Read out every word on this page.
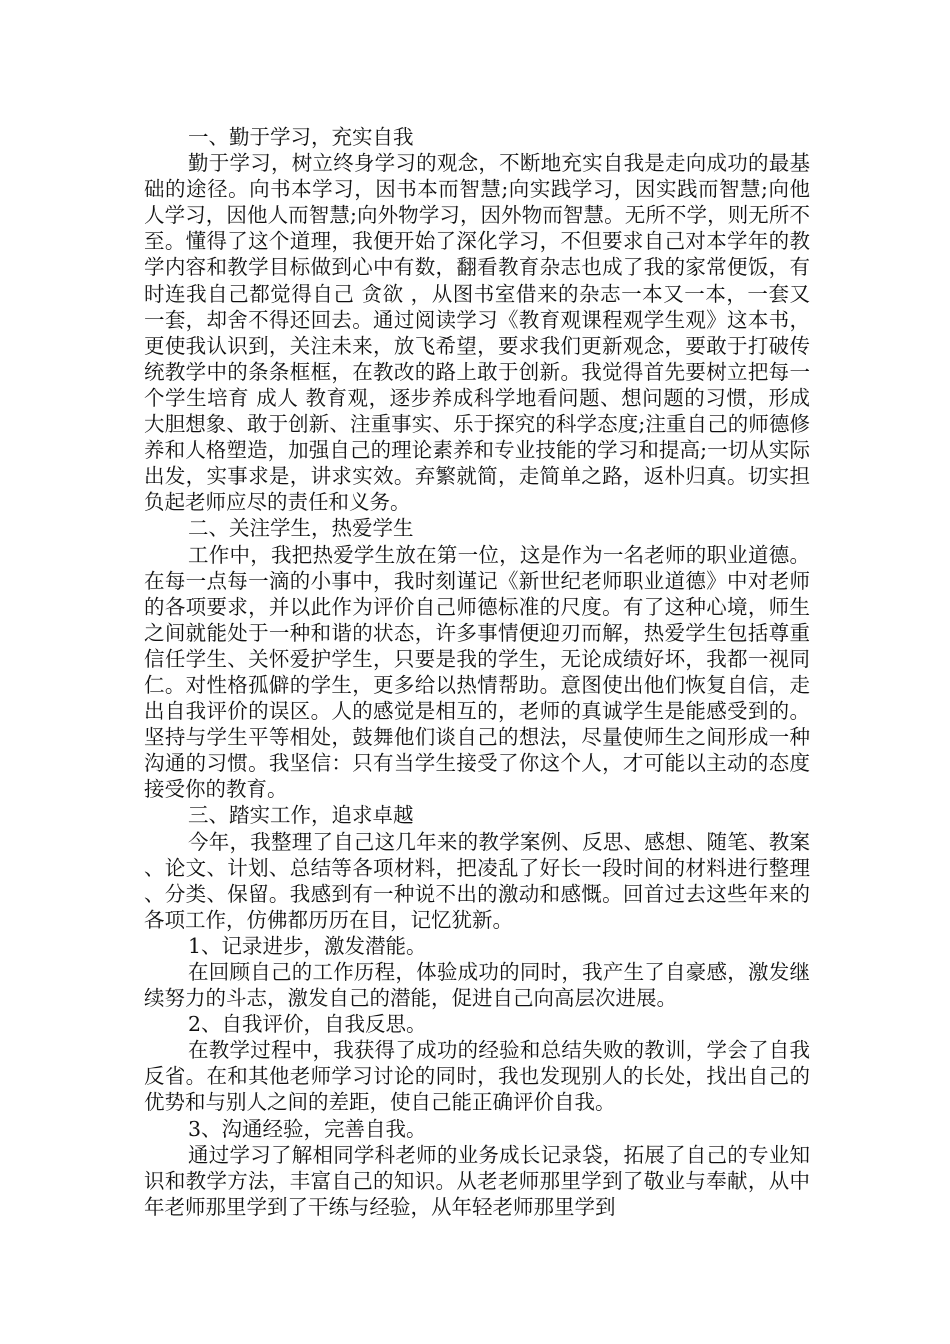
一、勤于学习，充实自我

勤于学习，树立终身学习的观念，不断地充实自我是走向成功的最基础的途径。向书本学习，因书本而智慧;向实践学习，因实践而智慧;向他人学习，因他人而智慧;向外物学习，因外物而智慧。无所不学，则无所不至。懂得了这个道理，我便开始了深化学习，不但要求自己对本学年的教学内容和教学目标做到心中有数，翻看教育杂志也成了我的家常便饭，有时连我自己都觉得自己 贪欲 ，从图书室借来的杂志一本又一本，一套又一套，却舍不得还回去。通过阅读学习《教育观课程观学生观》这本书，更使我认识到，关注未来，放飞希望，要求我们更新观念，要敢于打破传统教学中的条条框框，在教改的路上敢于创新。我觉得首先要树立把每一个学生培育 成人 教育观，逐步养成科学地看问题、想问题的习惯，形成大胆想象、敢于创新、注重事实、乐于探究的科学态度;注重自己的师德修养和人格塑造，加强自己的理论素养和专业技能的学习和提高;一切从实际出发，实事求是，讲求实效。弃繁就简，走简单之路，返朴归真。切实担负起老师应尽的责任和义务。

二、关注学生，热爱学生

工作中，我把热爱学生放在第一位，这是作为一名老师的职业道德。在每一点每一滴的小事中，我时刻谨记《新世纪老师职业道德》中对老师的各项要求，并以此作为评价自己师德标准的尺度。有了这种心境，师生之间就能处于一种和谐的状态，许多事情便迎刃而解，热爱学生包括尊重信任学生、关怀爱护学生，只要是我的学生，无论成绩好坏，我都一视同仁。对性格孤僻的学生，更多给以热情帮助。意图使出他们恢复自信，走出自我评价的误区。人的感觉是相互的，老师的真诚学生是能感受到的。坚持与学生平等相处，鼓舞他们谈自己的想法，尽量使师生之间形成一种沟通的习惯。我坚信：只有当学生接受了你这个人，才可能以主动的态度接受你的教育。

三、踏实工作，追求卓越

今年，我整理了自己这几年来的教学案例、反思、感想、随笔、教案、论文、计划、总结等各项材料，把凌乱了好长一段时间的材料进行整理、分类、保留。我感到有一种说不出的激动和感慨。回首过去这些年来的各项工作，仿佛都历历在目，记忆犹新。

1、记录进步，激发潜能。

在回顾自己的工作历程，体验成功的同时，我产生了自豪感，激发继续努力的斗志，激发自己的潜能，促进自己向高层次进展。

2、自我评价，自我反思。

在教学过程中，我获得了成功的经验和总结失败的教训，学会了自我反省。在和其他老师学习讨论的同时，我也发现别人的长处，找出自己的优势和与别人之间的差距，使自己能正确评价自我。

3、沟通经验，完善自我。

通过学习了解相同学科老师的业务成长记录袋，拓展了自己的专业知识和教学方法，丰富自己的知识。从老老师那里学到了敬业与奉献，从中年老师那里学到了干练与经验，从年轻老师那里学到
